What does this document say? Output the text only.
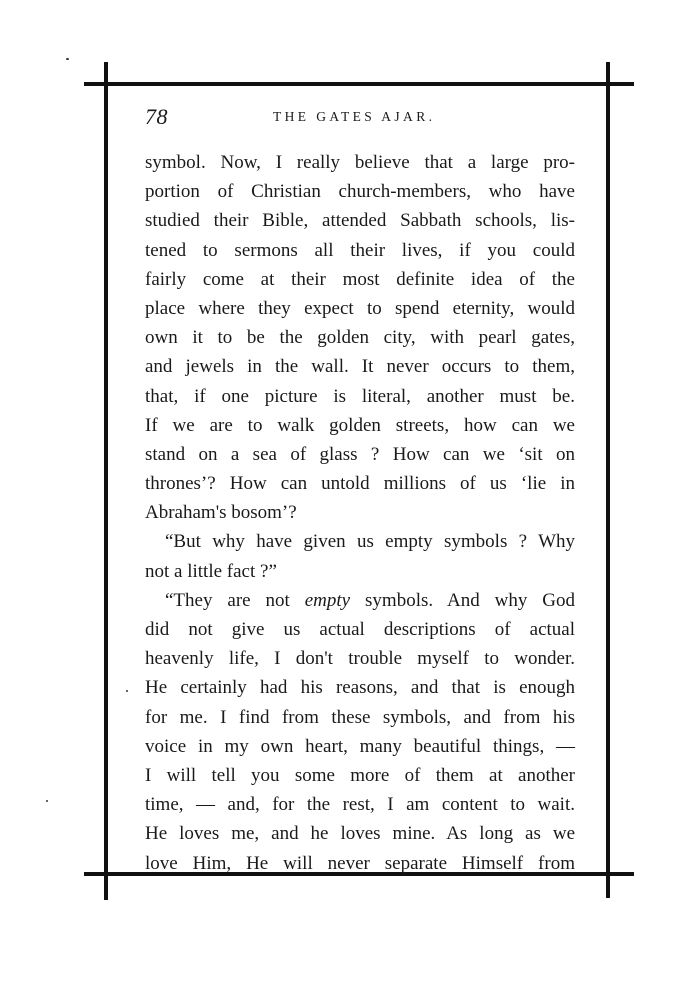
78	THE GATES AJAR.
symbol. Now, I really believe that a large pro-
portion of Christian church-members, who have
studied their Bible, attended Sabbath schools, lis-
tened to sermons all their lives, if you could
fairly come at their most definite idea of the
place where they expect to spend eternity, would
own it to be the golden city, with pearl gates,
and jewels in the wall. It never occurs to them,
that, if one picture is literal, another must be.
If we are to walk golden streets, how can we
stand on a sea of glass ? How can we ‘sit on
thrones’? How can untold millions of us ‘lie in
Abraham's bosom’?
“But why have given us empty symbols ? Why
not a little fact ?”
“They are not empty symbols. And why God
did not give us actual descriptions of actual
heavenly life, I don't trouble myself to wonder.
He certainly had his reasons, and that is enough
for me. I find from these symbols, and from his
voice in my own heart, many beautiful things, —
I will tell you some more of them at another
time, — and, for the rest, I am content to wait.
He loves me, and he loves mine. As long as we
love Him, He will never separate Himself from
